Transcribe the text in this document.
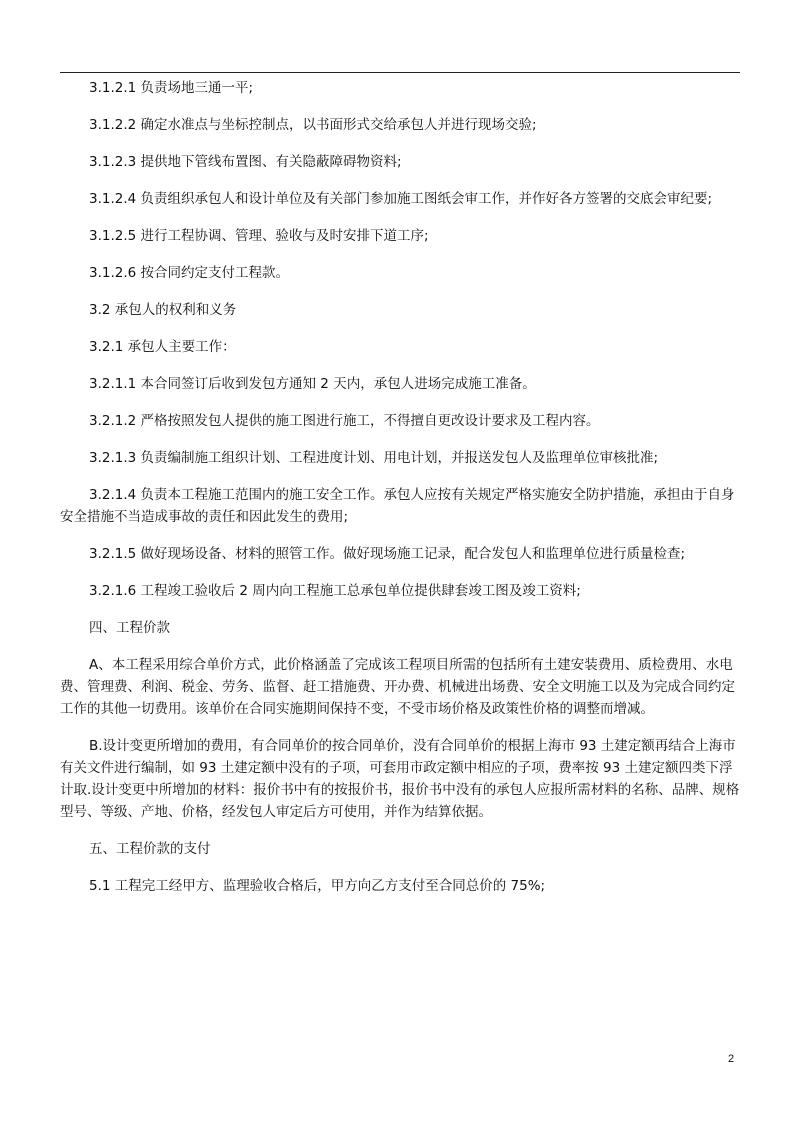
3.1.2.1 负责场地三通一平;

3.1.2.2 确定水准点与坐标控制点，以书面形式交给承包人并进行现场交验;

3.1.2.3 提供地下管线布置图、有关隐蔽障碍物资料;

3.1.2.4 负责组织承包人和设计单位及有关部门参加施工图纸会审工作，并作好各方签署的交底会审纪要;

3.1.2.5 进行工程协调、管理、验收与及时安排下道工序;

3.1.2.6 按合同约定支付工程款。

3.2 承包人的权利和义务

3.2.1 承包人主要工作：

3.2.1.1 本合同签订后收到发包方通知 2 天内，承包人进场完成施工准备。

3.2.1.2 严格按照发包人提供的施工图进行施工，不得擅自更改设计要求及工程内容。

3.2.1.3 负责编制施工组织计划、工程进度计划、用电计划，并报送发包人及监理单位审核批准;

3.2.1.4 负责本工程施工范围内的施工安全工作。承包人应按有关规定严格实施安全防护措施，承担由于自身安全措施不当造成事故的责任和因此发生的费用;

3.2.1.5 做好现场设备、材料的照管工作。做好现场施工记录，配合发包人和监理单位进行质量检查;

3.2.1.6 工程竣工验收后 2 周内向工程施工总承包单位提供肆套竣工图及竣工资料;

四、工程价款

A、本工程采用综合单价方式，此价格涵盖了完成该工程项目所需的包括所有土建安装费用、质检费用、水电费、管理费、利润、税金、劳务、监督、赶工措施费、开办费、机械进出场费、安全文明施工以及为完成合同约定工作的其他一切费用。该单价在合同实施期间保持不变，不受市场价格及政策性价格的调整而增减。

B.设计变更所增加的费用，有合同单价的按合同单价，没有合同单价的根据上海市 93 土建定额再结合上海市有关文件进行编制，如 93 土建定额中没有的子项，可套用市政定额中相应的子项，费率按 93 土建定额四类下浮 计取.设计变更中所增加的材料：报价书中有的按报价书，报价书中没有的承包人应报所需材料的名称、品牌、规格型号、等级、产地、价格，经发包人审定后方可使用，并作为结算依据。

五、工程价款的支付

5.1 工程完工经甲方、监理验收合格后，甲方向乙方支付至合同总价的 75%;

2
